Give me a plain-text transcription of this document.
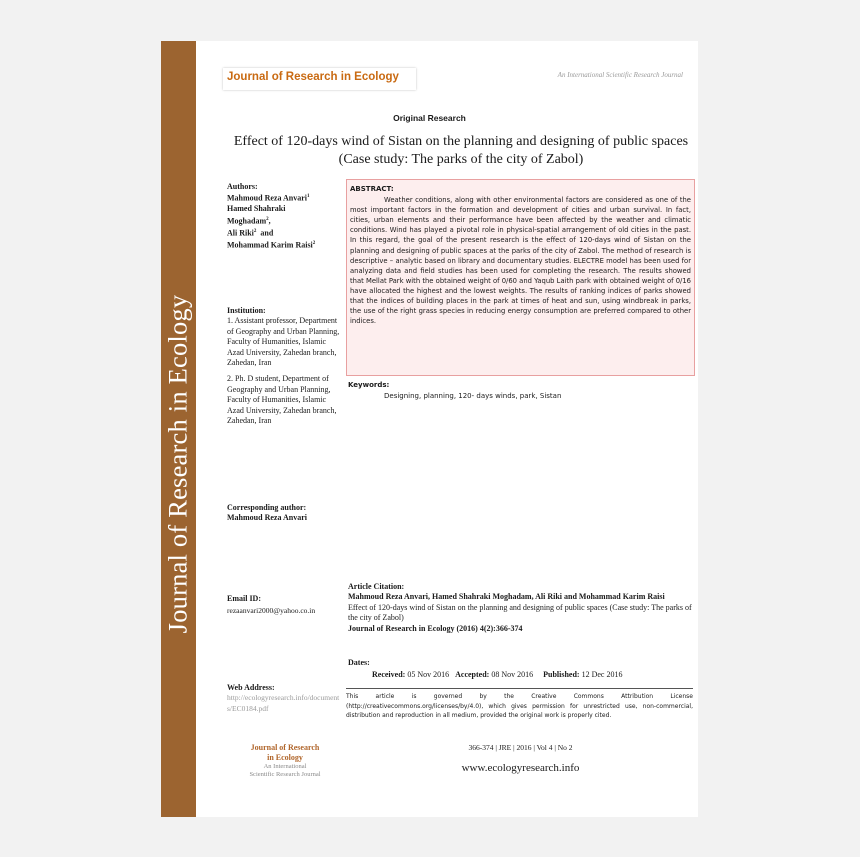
Journal of Research in Ecology
Journal of Research in Ecology	An International Scientific Research Journal
Original Research
Effect of 120-days wind of Sistan on the planning and designing of public spaces (Case study: The parks of the city of Zabol)
Authors:
Mahmoud Reza Anvari$^1$
Hamed Shahraki
Moghadam$^2$,
Ali Riki$^2$ and
Mohammad Karim Raisi$^2$
Institution:
1. Assistant professor, Department of Geography and Urban Planning, Faculty of Humanities, Islamic Azad University, Zahedan branch, Zahedan, Iran
2. Ph. D student, Department of Geography and Urban Planning, Faculty of Humanities, Islamic Azad University, Zahedan branch, Zahedan, Iran
Corresponding author:
Mahmoud Reza Anvari
Email ID:
rezaanvari2000@yahoo.co.in
Web Address:
http://ecologyresearch.info/documents/EC0184.pdf
ABSTRACT:
Weather conditions, along with other environmental factors are considered as one of the most important factors in the formation and development of cities and urban survival. In fact, cities, urban elements and their performance have been affected by the weather and climatic conditions. Wind has played a pivotal role in physical-spatial arrangement of old cities in the past. In this regard, the goal of the present research is the effect of 120-days wind of Sistan on the planning and designing of public spaces at the parks of the city of Zabol. The method of research is descriptive – analytic based on library and documentary studies. ELECTRE model has been used for analyzing data and field studies has been used for completing the research. The results showed that Mellat Park with the obtained weight of 0/60 and Yaqub Laith park with obtained weight of 0/16 have allocated the highest and the lowest weights. The results of ranking indices of parks showed that the indices of building places in the park at times of heat and sun, using windbreak in parks, the use of the right grass species in reducing energy consumption are preferred compared to other indices.
Keywords:
Designing, planning, 120- days winds, park, Sistan
Article Citation:
Mahmoud Reza Anvari, Hamed Shahraki Moghadam, Ali Riki and Mohammad Karim Raisi
Effect of 120-days wind of Sistan on the planning and designing of public spaces (Case study: The parks of the city of Zabol)
Journal of Research in Ecology (2016) 4(2):366-374
Dates:
Received: 05 Nov 2016 Accepted: 08 Nov 2016 Published: 12 Dec 2016
This article is governed by the Creative Commons Attribution License (http://creativecommons.org/licenses/by/4.0), which gives permission for unrestricted use, non-commercial, distribution and reproduction in all medium, provided the original work is properly cited.
Journal of Research
in Ecology
An International
Scientific Research Journal
366-374 | JRE | 2016 | Vol 4 | No 2
www.ecologyresearch.info
